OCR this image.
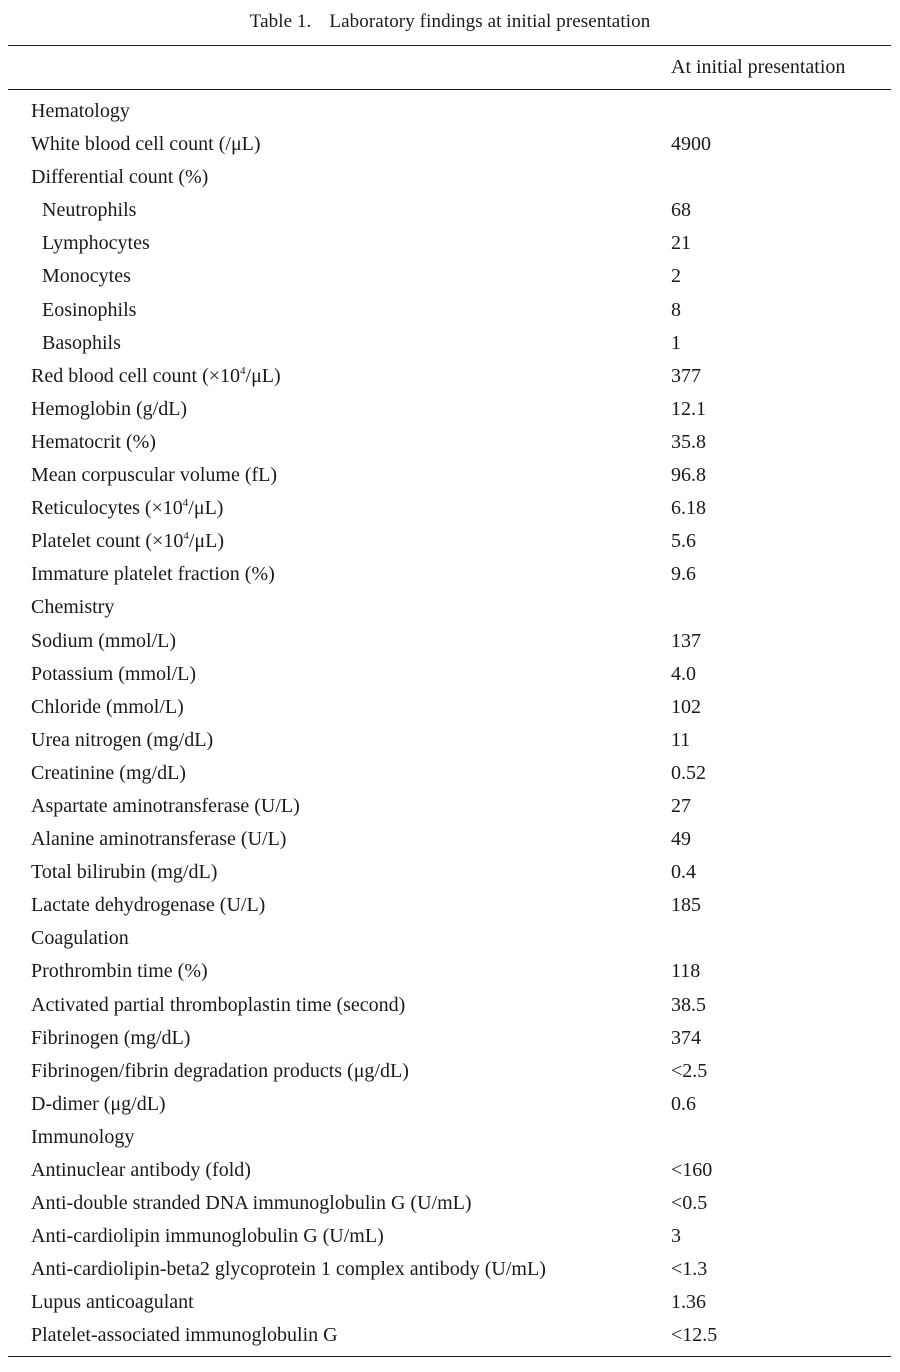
Table 1. Laboratory findings at initial presentation
At initial presentation
Hematology
White blood cell count (/μL)	4900
Differential count (%)
Neutrophils	68
Lymphocytes	21
Monocytes	2
Eosinophils	8
Basophils	1
Red blood cell count $(\times 10^4/\mu L)$	377
Hemoglobin (g/dL)	12.1
Hematocrit (%)	35.8
Mean corpuscular volume (fL)	96.8
Reticulocytes $(\times 10^4/\mu L)$	6.18
Platelet count $(\times 10^4/\mu L)$	5.6
Immature platelet fraction (%)	9.6
Chemistry
Sodium (mmol/L)	137
Potassium (mmol/L)	4.0
Chloride (mmol/L)	102
Urea nitrogen (mg/dL)	11
Creatinine (mg/dL)	0.52
Aspartate aminotransferase (U/L)	27
Alanine aminotransferase (U/L)	49
Total bilirubin (mg/dL)	0.4
Lactate dehydrogenase (U/L)	185
Coagulation
Prothrombin time (%)	118
Activated partial thromboplastin time (second)	38.5
Fibrinogen (mg/dL)	374
Fibrinogen/fibrin degradation products (μg/dL)	<2.5
D-dimer (μg/dL)	0.6
Immunology
Antinuclear antibody (fold)	<160
Anti-double stranded DNA immunoglobulin G (U/mL)	<0.5
Anti-cardiolipin immunoglobulin G (U/mL)	3
Anti-cardiolipin-beta2 glycoprotein 1 complex antibody (U/mL)	<1.3
Lupus anticoagulant	1.36
Platelet-associated immunoglobulin G	<12.5
